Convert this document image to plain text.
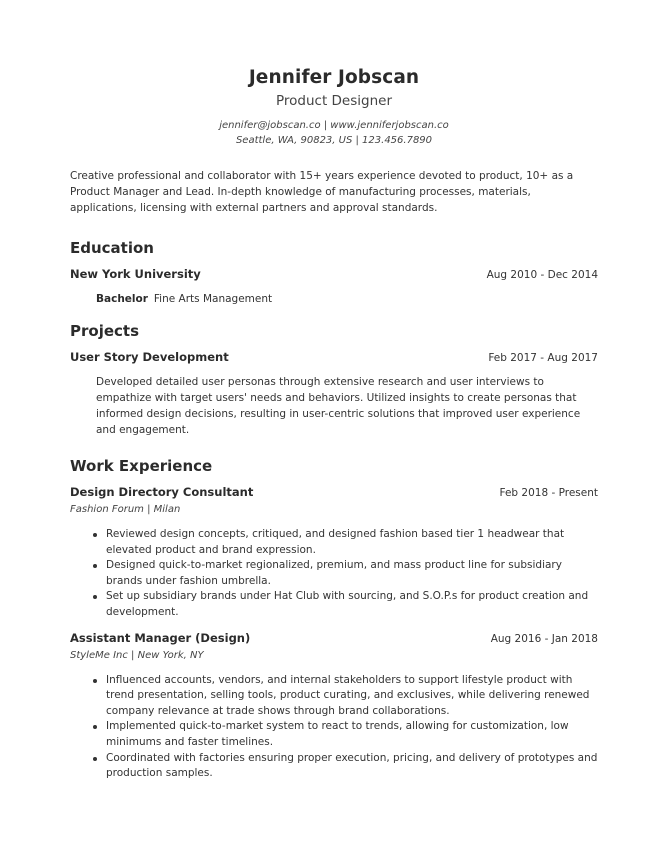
Jennifer Jobscan
Product Designer
jennifer@jobscan.co | www.jenniferjobscan.co
Seattle, WA, 90823, US | 123.456.7890
Creative professional and collaborator with 15+ years experience devoted to product, 10+ as a Product Manager and Lead. In-depth knowledge of manufacturing processes, materials, applications, licensing with external partners and approval standards.
Education
New York University	Aug 2010 - Dec 2014
Bachelor Fine Arts Management
Projects
User Story Development	Feb 2017 - Aug 2017
Developed detailed user personas through extensive research and user interviews to empathize with target users' needs and behaviors. Utilized insights to create personas that informed design decisions, resulting in user-centric solutions that improved user experience and engagement.
Work Experience
Design Directory Consultant	Feb 2018 - Present
Fashion Forum | Milan
Reviewed design concepts, critiqued, and designed fashion based tier 1 headwear that elevated product and brand expression.
Designed quick-to-market regionalized, premium, and mass product line for subsidiary brands under fashion umbrella.
Set up subsidiary brands under Hat Club with sourcing, and S.O.P.s for product creation and development.
Assistant Manager (Design)	Aug 2016 - Jan 2018
StyleMe Inc | New York, NY
Influenced accounts, vendors, and internal stakeholders to support lifestyle product with trend presentation, selling tools, product curating, and exclusives, while delivering renewed company relevance at trade shows through brand collaborations.
Implemented quick-to-market system to react to trends, allowing for customization, low minimums and faster timelines.
Coordinated with factories ensuring proper execution, pricing, and delivery of prototypes and production samples.
